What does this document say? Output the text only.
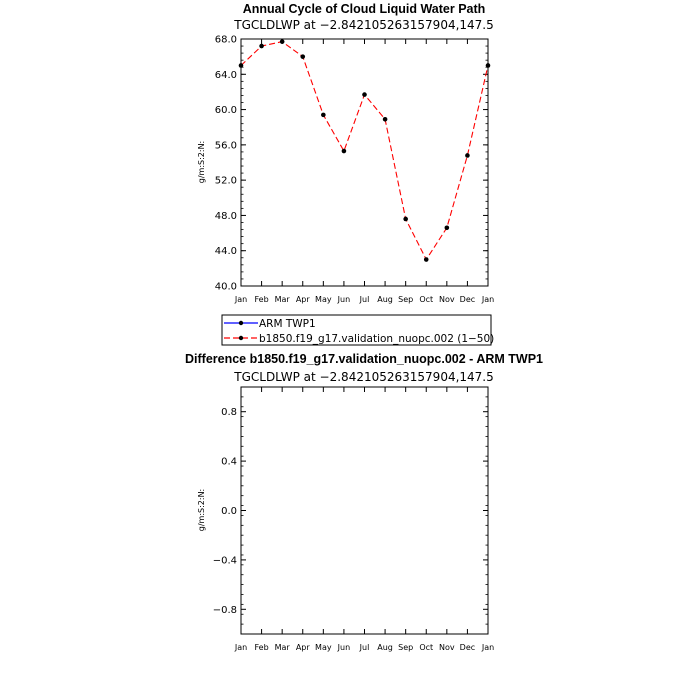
Annual Cycle of Cloud Liquid Water Path
TGCLDLWP at −2.842105263157904,147.5
g/m:S:2:N:
Jan Feb Mar Apr May Jun Jul Aug Sep Oct Nov Dec Jan
40.0
44.0
48.0
52.0
56.0
60.0
64.0
68.0
ARM TWP1
b1850.f19_g17.validation_nuopc.002 (1−50)
Difference b1850.f19_g17.validation_nuopc.002 - ARM TWP1
TGCLDLWP at −2.842105263157904,147.5
g/m:S:2:N:
Jan Feb Mar Apr May Jun Jul Aug Sep Oct Nov Dec Jan
−0.8
−0.4
0.0
0.4
0.8
